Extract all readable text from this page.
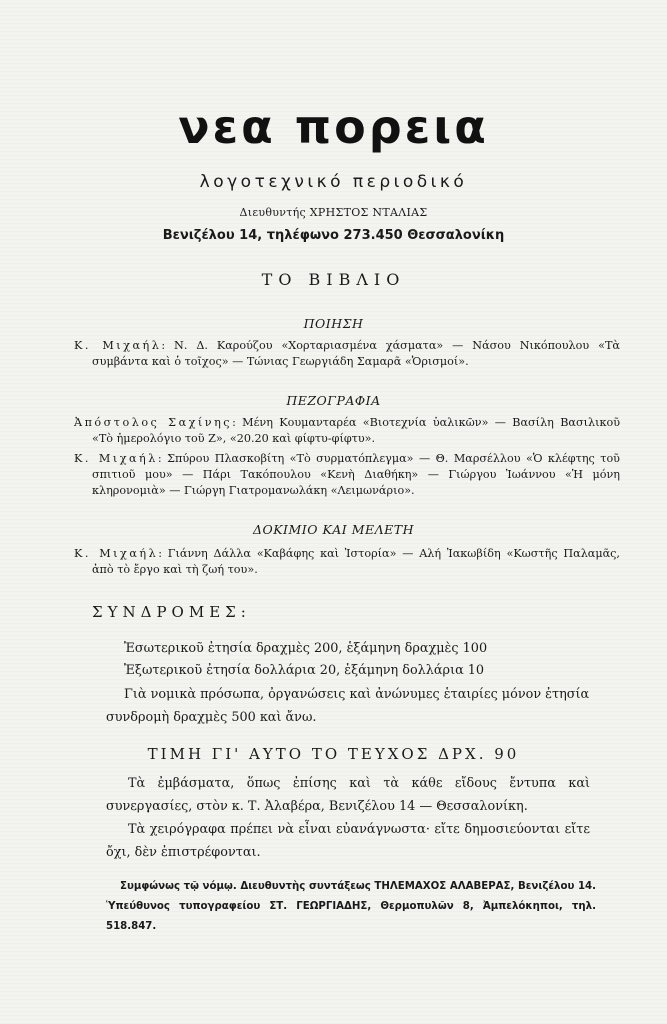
νεα πορεια
λογοτεχνικό περιοδικό
Διευθυντής ΧΡΗΣΤΟΣ ΝΤΑΛΙΑΣ
Βενιζέλου 14, τηλέφωνο 273.450 Θεσσαλονίκη
ΤΟ ΒΙΒΛΙΟ
ΠΟΙΗΣΗ
Κ. Μιχαήλ: Ν. Δ. Καρούζου «Χορταριασμένα χάσματα» — Νάσου Νικόπουλου «Τὰ συμβάντα καὶ ὁ τοῖχος» — Τώνιας Γεωργιάδη Σαμαρᾶ «Ὁρισμοί».
ΠΕΖΟΓΡΑΦΙΑ
Ἀπόστολος Σαχίνης: Μένη Κουμανταρέα «Βιοτεχνία ὑαλικῶν» — Βασίλη Βασιλικοῦ «Τὸ ἡμερολόγιο τοῦ Ζ», «20.20 καὶ φίφτυ-φίφτυ».
Κ. Μιχαήλ: Σπύρου Πλασκοβίτη «Τὸ συρματόπλεγμα» — Θ. Μαρσέλλου «Ὁ κλέφτης τοῦ σπιτιοῦ μου» — Πάρι Τακόπουλου «Κενὴ Διαθήκη» — Γιώργου Ἰωάννου «Ἡ μόνη κληρονομιὰ» — Γιώργη Γιατρομανωλάκη «Λειμωνάριο».
ΔΟΚΙΜΙΟ ΚΑΙ ΜΕΛΕΤΗ
Κ. Μιχαήλ: Γιάννη Δάλλα «Καβάφης καὶ Ἱστορία» — Αλή Ἰακωβίδη «Κωστῆς Παλαμᾶς, ἀπὸ τὸ ἔργο καὶ τὴ ζωή του».
ΣΥΝΔΡΟΜΕΣ:
Ἐσωτερικοῦ ἐτησία δραχμὲς 200, ἑξάμηνη δραχμὲς 100
Ἐξωτερικοῦ ἐτησία δολλάρια 20, ἑξάμηνη δολλάρια 10
Γιὰ νομικὰ πρόσωπα, ὀργανώσεις καὶ ἀνώνυμες ἑταιρίες μόνον ἐτησία συνδρομὴ δραχμὲς 500 καὶ ἄνω.
ΤΙΜΗ ΓΙ' ΑΥΤΟ ΤΟ ΤΕΥΧΟΣ ΔΡΧ. 90
Τὰ ἐμβάσματα, ὅπως ἐπίσης καὶ τὰ κάθε εἴδους ἔντυπα καὶ συνεργασίες, στὸν κ. Τ. Ἀλαβέρα, Βενιζέλου 14 — Θεσσαλονίκη.
Τὰ χειρόγραφα πρέπει νὰ εἶναι εὐανάγνωστα· εἴτε δημοσιεύονται εἴτε ὄχι, δὲν ἐπιστρέφονται.
Συμφώνως τῷ νόμῳ. Διευθυντὴς συντάξεως ΤΗΛΕΜΑΧΟΣ ΑΛΑΒΕΡΑΣ, Βενιζέλου 14. Ὑπεύθυνος τυπογραφείου ΣΤ. ΓΕΩΡΓΙΑΔΗΣ, Θερμοπυλῶν 8, Ἀμπελόκηποι, τηλ. 518.847.
